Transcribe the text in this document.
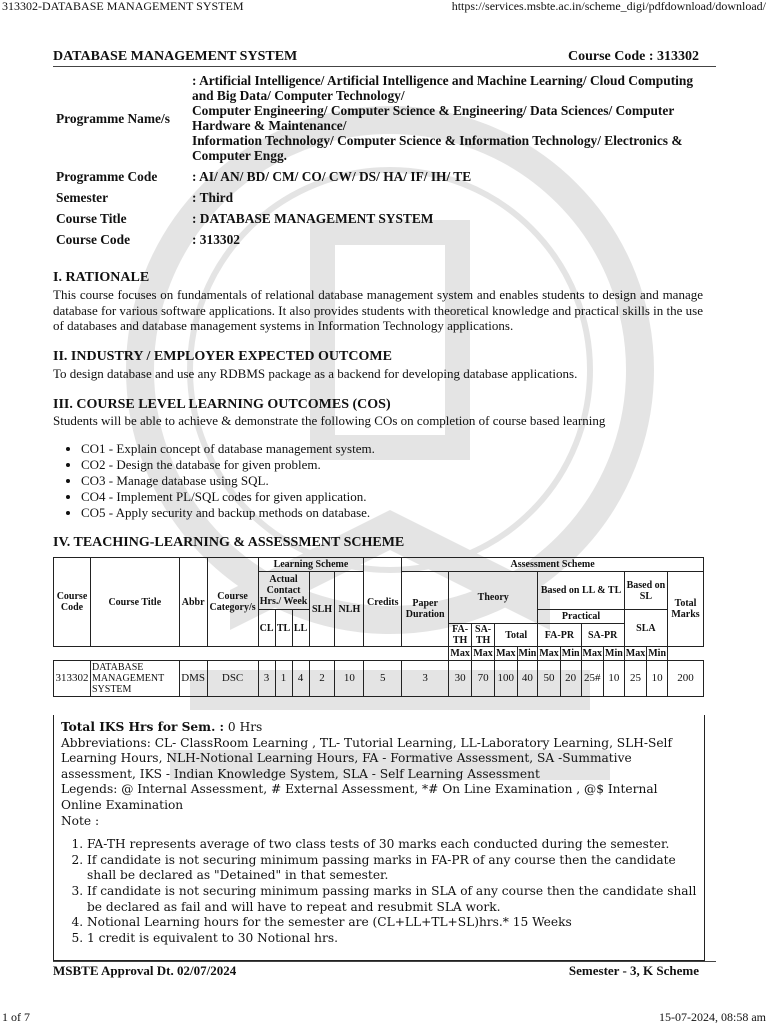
313302-DATABASE MANAGEMENT SYSTEM	https://services.msbte.ac.in/scheme_digi/pdfdownload/download/
DATABASE MANAGEMENT SYSTEM	Course Code : 313302
Programme Name/s	: Artificial Intelligence/ Artificial Intelligence and Machine Learning/ Cloud Computing and Big Data/ Computer Technology/
Computer Engineering/ Computer Science & Engineering/ Data Sciences/ Computer Hardware & Maintenance/
Information Technology/ Computer Science & Information Technology/ Electronics & Computer Engg.

Programme Code	: AI/ AN/ BD/ CM/ CO/ CW/ DS/ HA/ IF/ IH/ TE
Semester	: Third
Course Title	: DATABASE MANAGEMENT SYSTEM
Course Code	: 313302
I. RATIONALE
This course focuses on fundamentals of relational database management system and enables students to design and manage database for various software applications. It also provides students with theoretical knowledge and practical skills in the use of databases and database management systems in Information Technology applications.
II. INDUSTRY / EMPLOYER EXPECTED OUTCOME
To design database and use any RDBMS package as a backend for developing database applications.
III. COURSE LEVEL LEARNING OUTCOMES (COS)
Students will be able to achieve & demonstrate the following COs on completion of course based learning
• CO1 - Explain concept of database management system.
• CO2 - Design the database for given problem.
• CO3 - Manage database using SQL.
• CO4 - Implement PL/SQL codes for given application.
• CO5 - Apply security and backup methods on database.
IV. TEACHING-LEARNING & ASSESSMENT SCHEME
Course Code	Course Title	Abbr	Course Category/s	Learning Scheme					Credits	Assessment Scheme											
				Actual Contact Hrs./ Week			SLH	NLH		Paper Duration	Theory				Based on LL & TL				Based on SL		Total Marks
				CL	TL	LL									Practical				SLA		
											FA-TH	SA-TH	Total		FA-PR		SA-PR				
											Max	Max	Max	Min	Max	Min	Max	Min	Max	Min	
313302	DATABASE MANAGEMENT SYSTEM	DMS	DSC	3	1	4	2	10	5	3	30	70	100	40	50	20	25#	10	25	10	200
Total IKS Hrs for Sem. : 0 Hrs
Abbreviations: CL- ClassRoom Learning , TL- Tutorial Learning, LL-Laboratory Learning, SLH-Self Learning Hours, NLH-Notional Learning Hours, FA - Formative Assessment, SA -Summative assessment, IKS - Indian Knowledge System, SLA - Self Learning Assessment
Legends: @ Internal Assessment, # External Assessment, *# On Line Examination , @$ Internal Online Examination
Note :
1. FA-TH represents average of two class tests of 30 marks each conducted during the semester.
2. If candidate is not securing minimum passing marks in FA-PR of any course then the candidate shall be declared as "Detained" in that semester.
3. If candidate is not securing minimum passing marks in SLA of any course then the candidate shall be declared as fail and will have to repeat and resubmit SLA work.
4. Notional Learning hours for the semester are (CL+LL+TL+SL)hrs.* 15 Weeks
5. 1 credit is equivalent to 30 Notional hrs.
MSBTE Approval Dt. 02/07/2024	Semester - 3, K Scheme
1 of 7	15-07-2024, 08:58 am
